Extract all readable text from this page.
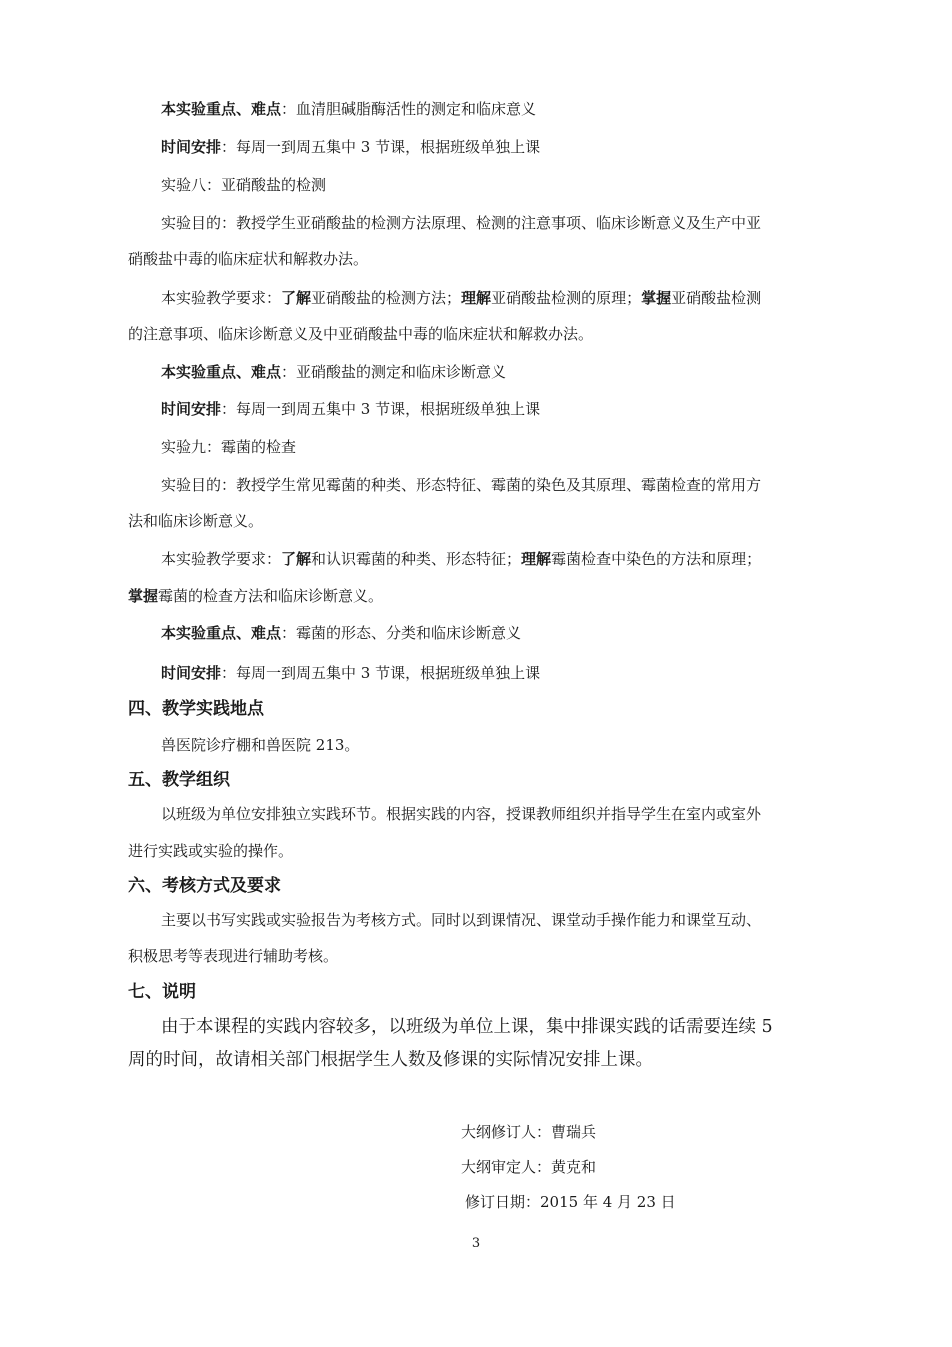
本实验重点、难点：血清胆碱脂酶活性的测定和临床意义
时间安排：每周一到周五集中 3 节课，根据班级单独上课
实验八：亚硝酸盐的检测
实验目的：教授学生亚硝酸盐的检测方法原理、检测的注意事项、临床诊断意义及生产中亚
硝酸盐中毒的临床症状和解救办法。
本实验教学要求：了解亚硝酸盐的检测方法；理解亚硝酸盐检测的原理；掌握亚硝酸盐检测
的注意事项、临床诊断意义及中亚硝酸盐中毒的临床症状和解救办法。
本实验重点、难点：亚硝酸盐的测定和临床诊断意义
时间安排：每周一到周五集中 3 节课，根据班级单独上课
实验九：霉菌的检查
实验目的：教授学生常见霉菌的种类、形态特征、霉菌的染色及其原理、霉菌检查的常用方
法和临床诊断意义。
本实验教学要求：了解和认识霉菌的种类、形态特征；理解霉菌检查中染色的方法和原理；
掌握霉菌的检查方法和临床诊断意义。
本实验重点、难点：霉菌的形态、分类和临床诊断意义
时间安排：每周一到周五集中 3 节课，根据班级单独上课
四、教学实践地点
兽医院诊疗棚和兽医院 213。
五、教学组织
以班级为单位安排独立实践环节。根据实践的内容，授课教师组织并指导学生在室内或室外
进行实践或实验的操作。
六、考核方式及要求
主要以书写实践或实验报告为考核方式。同时以到课情况、课堂动手操作能力和课堂互动、
积极思考等表现进行辅助考核。
七、说明
由于本课程的实践内容较多，以班级为单位上课，集中排课实践的话需要连续 5
周的时间，故请相关部门根据学生人数及修课的实际情况安排上课。
大纲修订人：曹瑞兵
大纲审定人：黄克和
修订日期：2015 年 4 月 23 日
3
